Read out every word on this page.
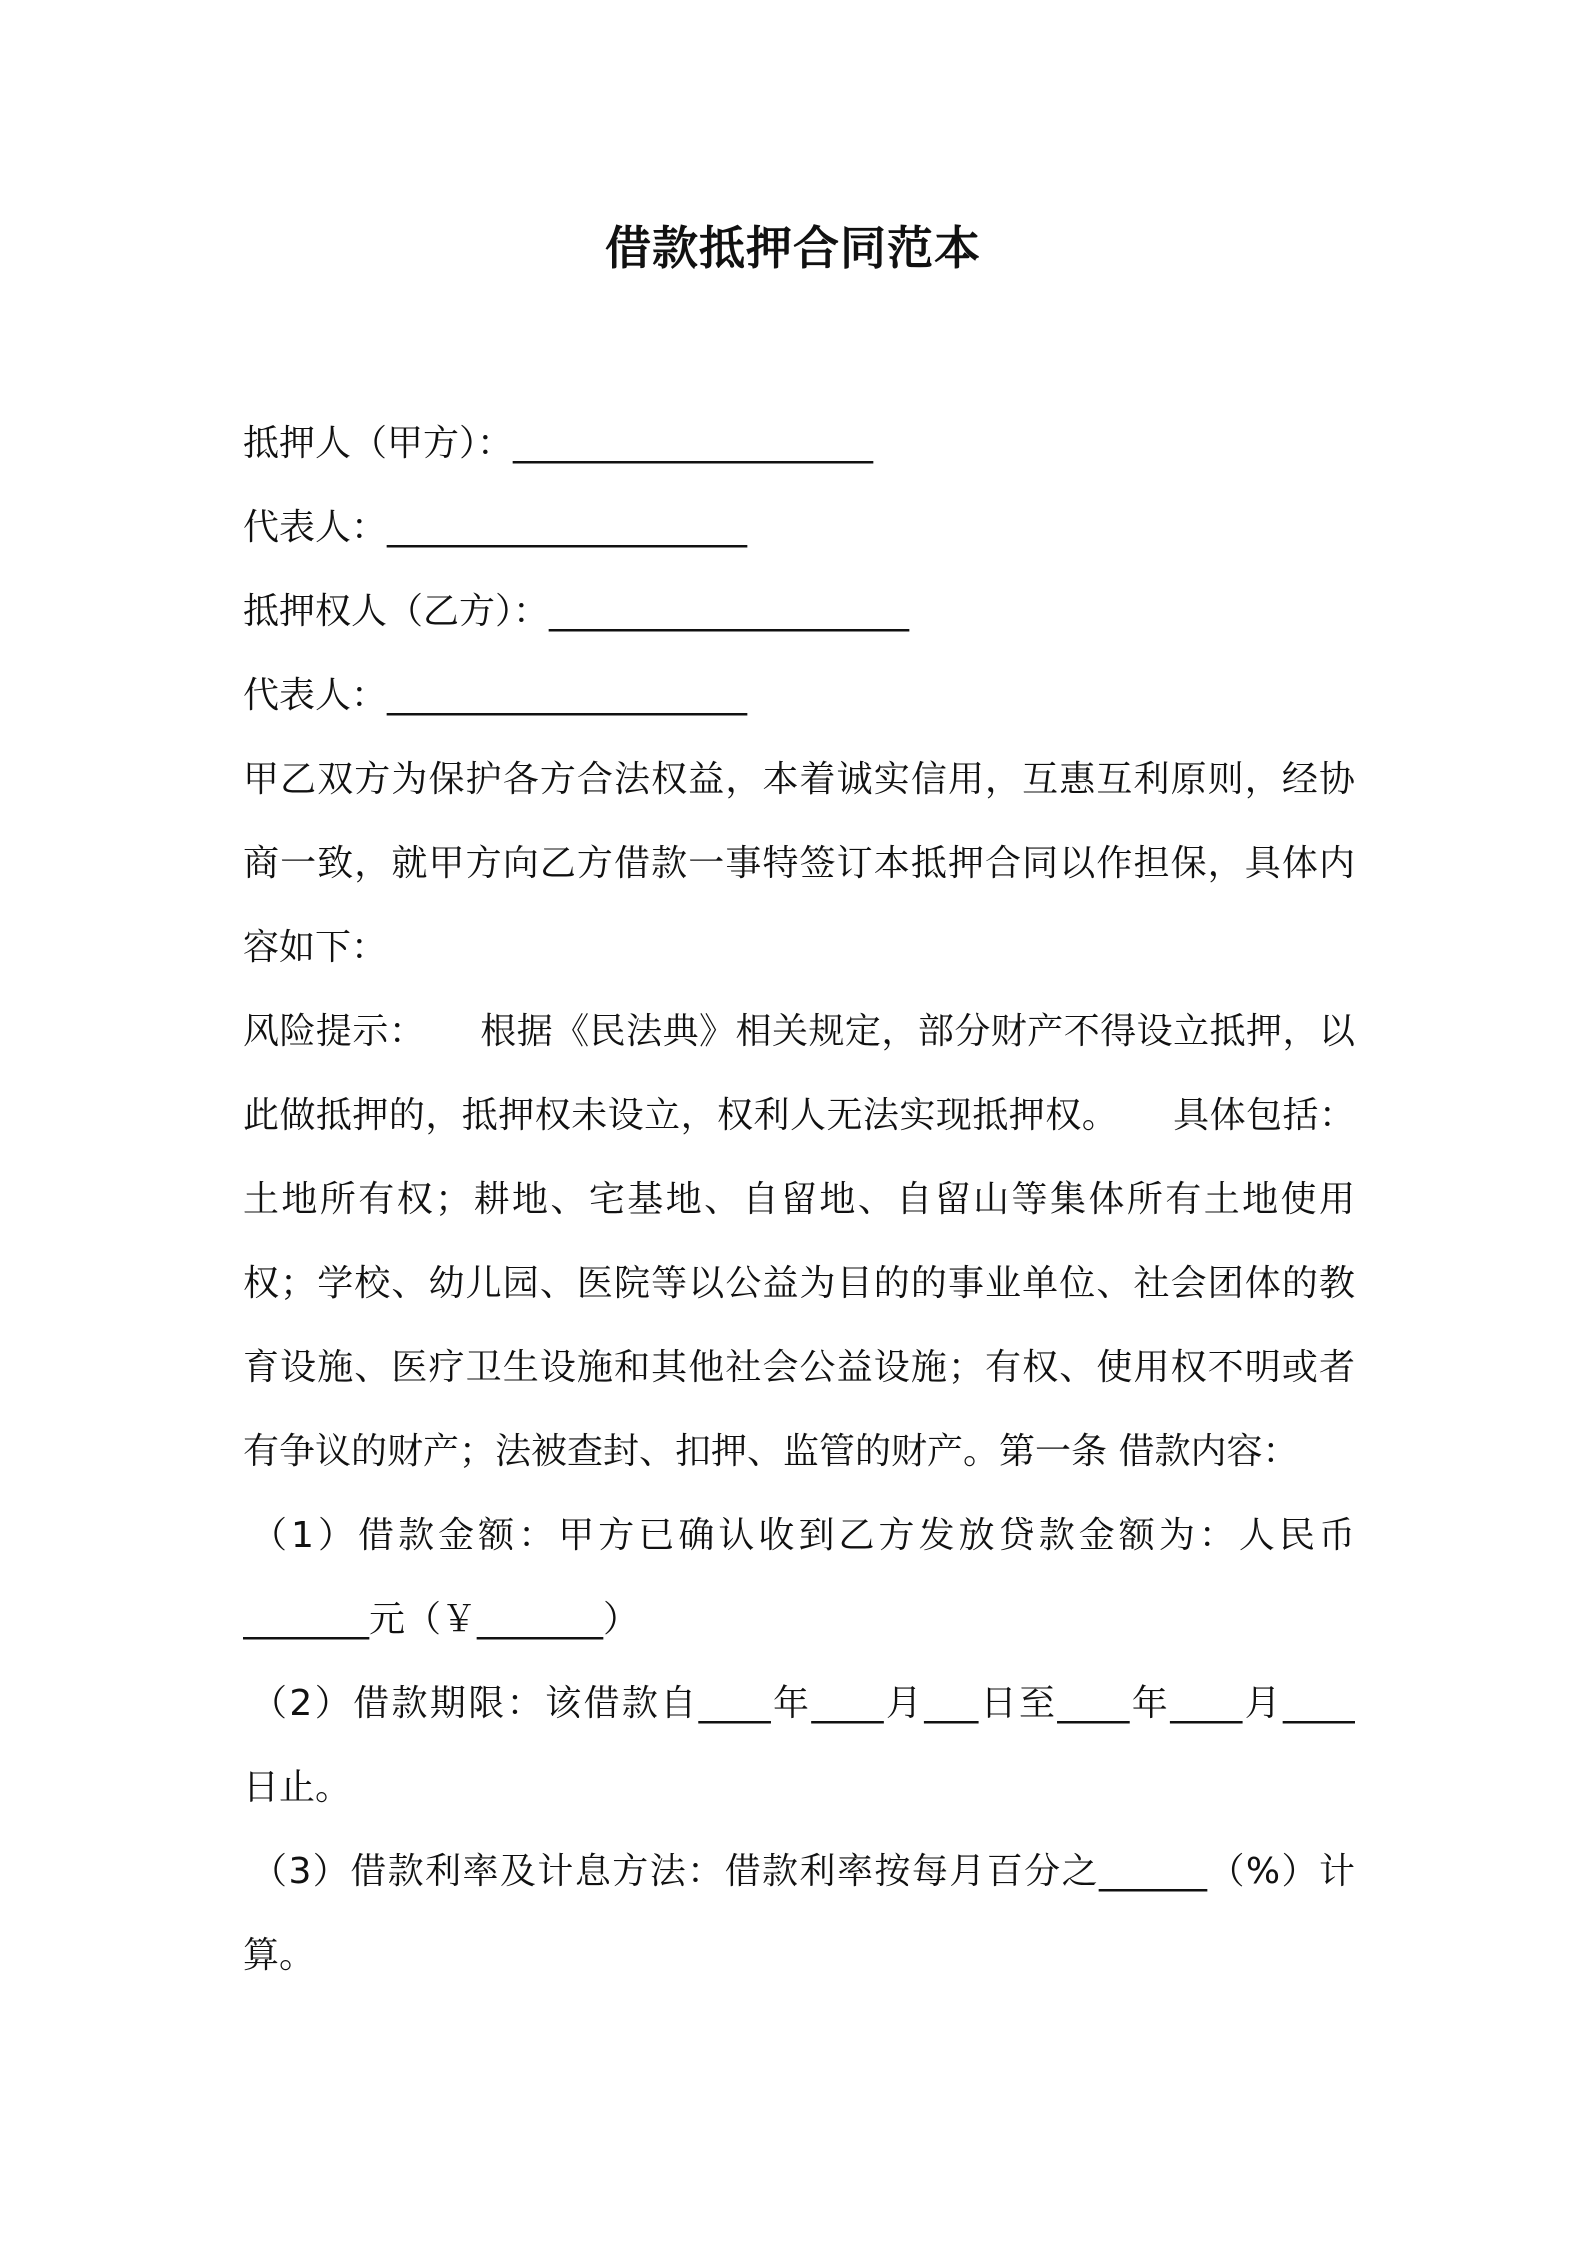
借款抵押合同范本
抵押人（甲方）：____________________
代表人：____________________
抵押权人（乙方）：____________________
代表人：____________________
甲乙双方为保护各方合法权益，本着诚实信用，互惠互利原则，经协商一致，就甲方向乙方借款一事特签订本抵押合同以作担保，具体内容如下：
风险提示：　　根据《民法典》相关规定，部分财产不得设立抵押，以此做抵押的，抵押权未设立，权利人无法实现抵押权。　　具体包括：土地所有权；耕地、宅基地、自留地、自留山等集体所有土地使用权；学校、幼儿园、医院等以公益为目的的事业单位、社会团体的教育设施、医疗卫生设施和其他社会公益设施；有权、使用权不明或者有争议的财产；法被查封、扣押、监管的财产。第一条 借款内容：
（1）借款金额：甲方已确认收到乙方发放贷款金额为：人民币
_______元（￥_______）
（2）借款期限：该借款自____年____月___日至____年____月____
日止。
（3）借款利率及计息方法：借款利率按每月百分之______（%）计
算。
